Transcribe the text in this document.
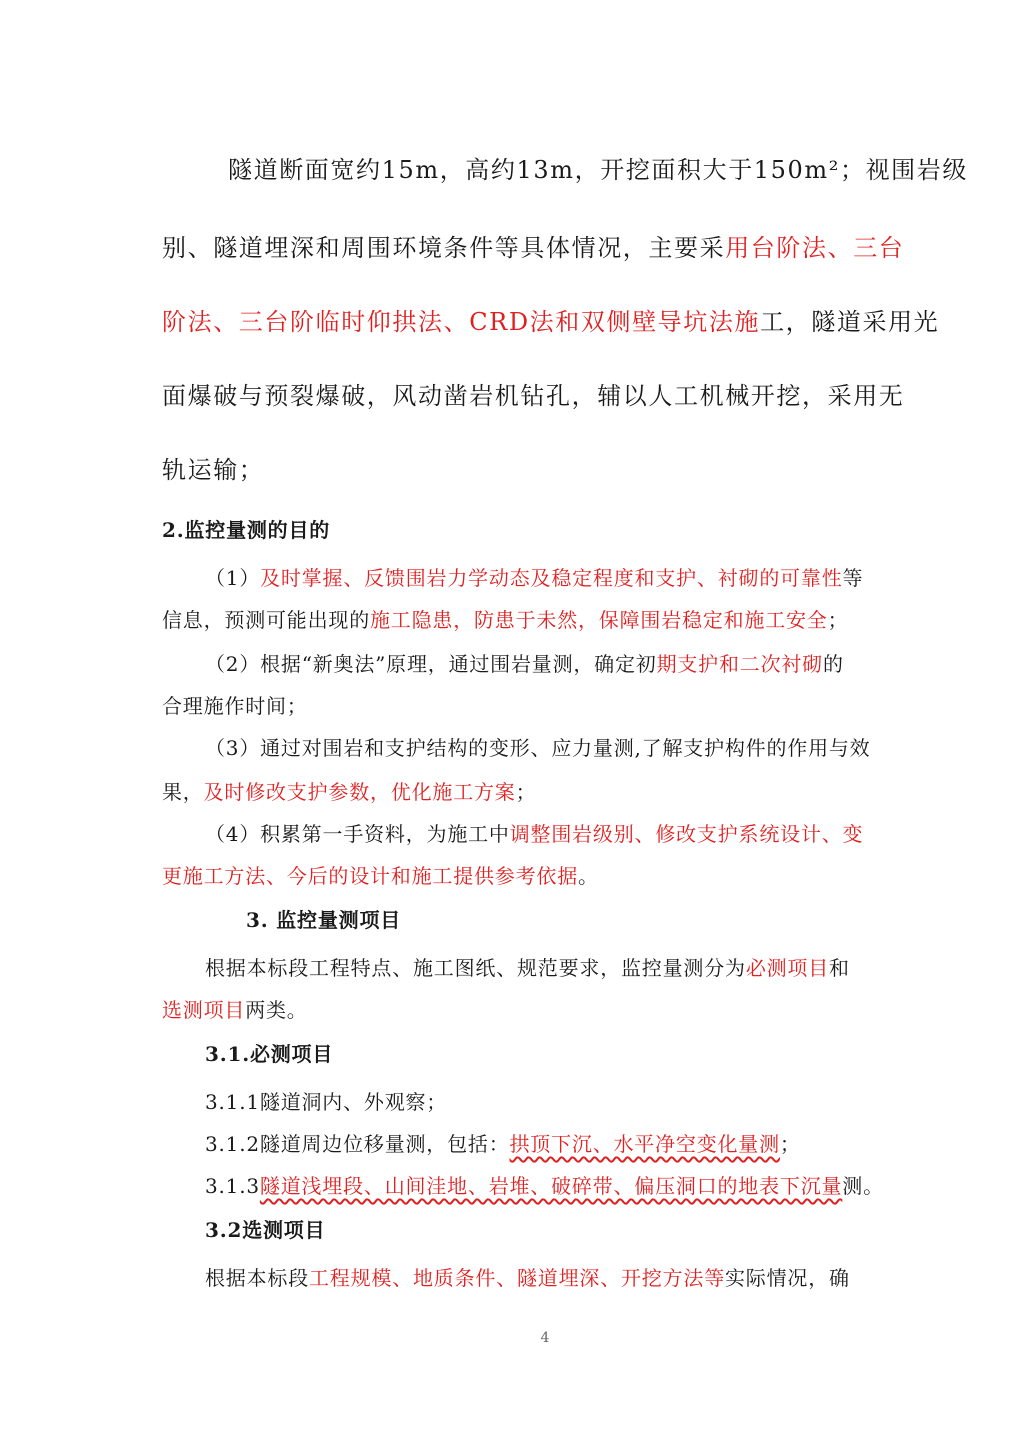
隧道断面宽约15m，高约13m，开挖面积大于150m²；视围岩级
别、隧道埋深和周围环境条件等具体情况，主要采用台阶法、三台
阶法、三台阶临时仰拱法、CRD法和双侧壁导坑法施工，隧道采用光
面爆破与预裂爆破，风动凿岩机钻孔，辅以人工机械开挖，采用无
轨运输；
2.监控量测的目的
（1）及时掌握、反馈围岩力学动态及稳定程度和支护、衬砌的可靠性等
信息，预测可能出现的施工隐患，防患于未然，保障围岩稳定和施工安全；
（2）根据“新奥法”原理，通过围岩量测，确定初期支护和二次衬砌的
合理施作时间；
（3）通过对围岩和支护结构的变形、应力量测,了解支护构件的作用与效
果，及时修改支护参数，优化施工方案；
（4）积累第一手资料，为施工中调整围岩级别、修改支护系统设计、变
更施工方法、今后的设计和施工提供参考依据。
3. 监控量测项目
根据本标段工程特点、施工图纸、规范要求，监控量测分为必测项目和
选测项目两类。
3.1.必测项目
3.1.1隧道洞内、外观察；
3.1.2隧道周边位移量测，包括：拱顶下沉、水平净空变化量测；
3.1.3隧道浅埋段、山间洼地、岩堆、破碎带、偏压洞口的地表下沉量测。
3.2选测项目
根据本标段工程规模、地质条件、隧道埋深、开挖方法等实际情况，确
4
